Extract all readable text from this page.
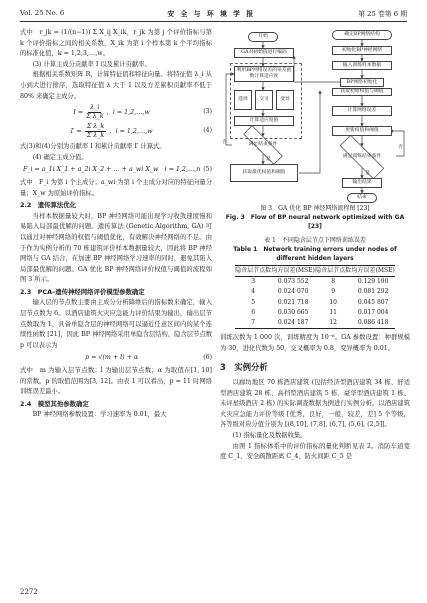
Vol. 25 No. 6	安 全 与 环 境 学 报	第 25 卷第 6 期

式中　r_jk = (1/(n−1)) Σ X_ij X_ik，r_jk 为第 j 个评价指标与第 k 个评价指标之间的相关系数，X_ik 为第 i 个样本第 k 个平均指标的标准化值，k = 1,2,3,…,w。

(3) 计算主成分贡献率 I 以及累计贡献率。

根据相关系数矩阵 R，计算特征值和特征向量。将特征值 λ_i 从小到大进行排序，选取特征值 λ 大于 1 以及方差累积贡献率不低于 80% 来确定主成分。

$I = \frac{\lambda\_i}{\text{Σ λ\_k}}$ ，i = 1,2,…,w	(3)
$I' = \frac{\text{Σ λ\_k}}{\text{Σ λ\_k}}$ ，i = 1,2,…,w	(4)

式(3)和(4)分别为贡献率 I 和累计贡献率 I′ 计算式。

(4) 确定主成分值。

F_i = a_1i X_1 + a_2i X_2 + … + a_wi X_w　i = 1,2,…,n (5)

式中　F_i 为第 i 个主成分；a_wi 为第 i 个主成分对应的特征向量分量；X_w 为原始评价指标。

2.2　遗传算法优化

当样本数据量较大时，BP 神经网络可能出现学习收敛速度慢和易陷入局部最优解的问题。遗传算法 (Genetic Algorithm, GA) 可以通过对神经网络的权值与阈值优化，有效解决神经网络的不足。由于作为实例分析的 70 栋建筑评价样本数据量较大，因此将 BP 神经网络与 GA 结合，在加速 BP 神经网络学习速率的同时，避免其陷入局部最优解的问题。GA 优化 BP 神经网络评价权值与阈值的流程如图 3 所示。

2.3　PCA–遗传神经网络评价模型参数确定

输入层的节点数主要由主成分分析降维后的指标数来确定，输入层节点数为 6。以酒店建筑火灾应急能力评价结果为输出，输出层节点数取为 1，具备单隐含层的神经网络可以逼近任意区间内的某个连续性函数 [21]，因此 BP 神经网络采用单隐含层结构，隐含层节点数 p 可以表示为

p = √(m + l) + α	(6)

式中　m 为输入层节点数；l 为输出层节点数；α 为取值在[1, 10] 的常数。p 的取值范围为[3, 12]。由表 1 可以看出，p = 11 时网络训练误差最小。

2.4　模型其他参数确定

BP 神经网络参数设置：学习速率为 0.01，最大

开始
GA对初始值进行编码
利用BP网络误差的误差函数计算适应度
选择	交叉	变异
计算适应度值
满足结束条件
获取最优权值和阈值
确定BP网络结构
初始化BP神经网络
输入训练样本数据
BP网络初始化
获取初始权值与阈值
计算网络误差
更新权值和阈值
满足训练结束条件
输出结果
结束
是
否
是
否
图 3　GA 优化 BP 神经网络流程图 [23]
Fig. 3　Flow of BP neural network optimized with GA [23]
表 1　不同隐含层节点下网络训练误差
Table 1　Network training errors under nodes of different hidden layers
隐含层节点数	均方误差(MSE)	隐含层节点数	均方误差(MSE)

3	0.073 552	8	0.129 190
4	0.024 070	9	0.081 292
5	0.021 718	10	0.045 807
6	0.030 665	11	0.017 004
7	0.024 187	12	0.086 418

训练次数为 1 000 次，训练精度为 10⁻⁶。GA 参数设置：种群规模为 30，进化代数为 50，交叉概率为 0.8，变异概率为 0.01。

3　实例分析

以廊坊地区 70 栋酒店建筑 (包括经济型酒店建筑 34 栋、舒适型酒店建筑 28 栋、高档型酒店建筑 5 栋、豪华型酒店建筑 1 栋、未评星级酒店 2 栋) 的实际调查数据为例进行实例分析。以酒店建筑火灾应急能力评价等级 [优秀，良好，一般，较差，差] 5 个等级，各等级对应分值分别为 [(8,10], (7,8], (6,7], (5,6], (2,5]]。

(1) 指标量化及数据收集。

由图 1 指标体系中的评价指标的量化判断见表 2。消防车道宽度 C_1、安全疏散距离 C_4、防火间距 C_5 是

2272
